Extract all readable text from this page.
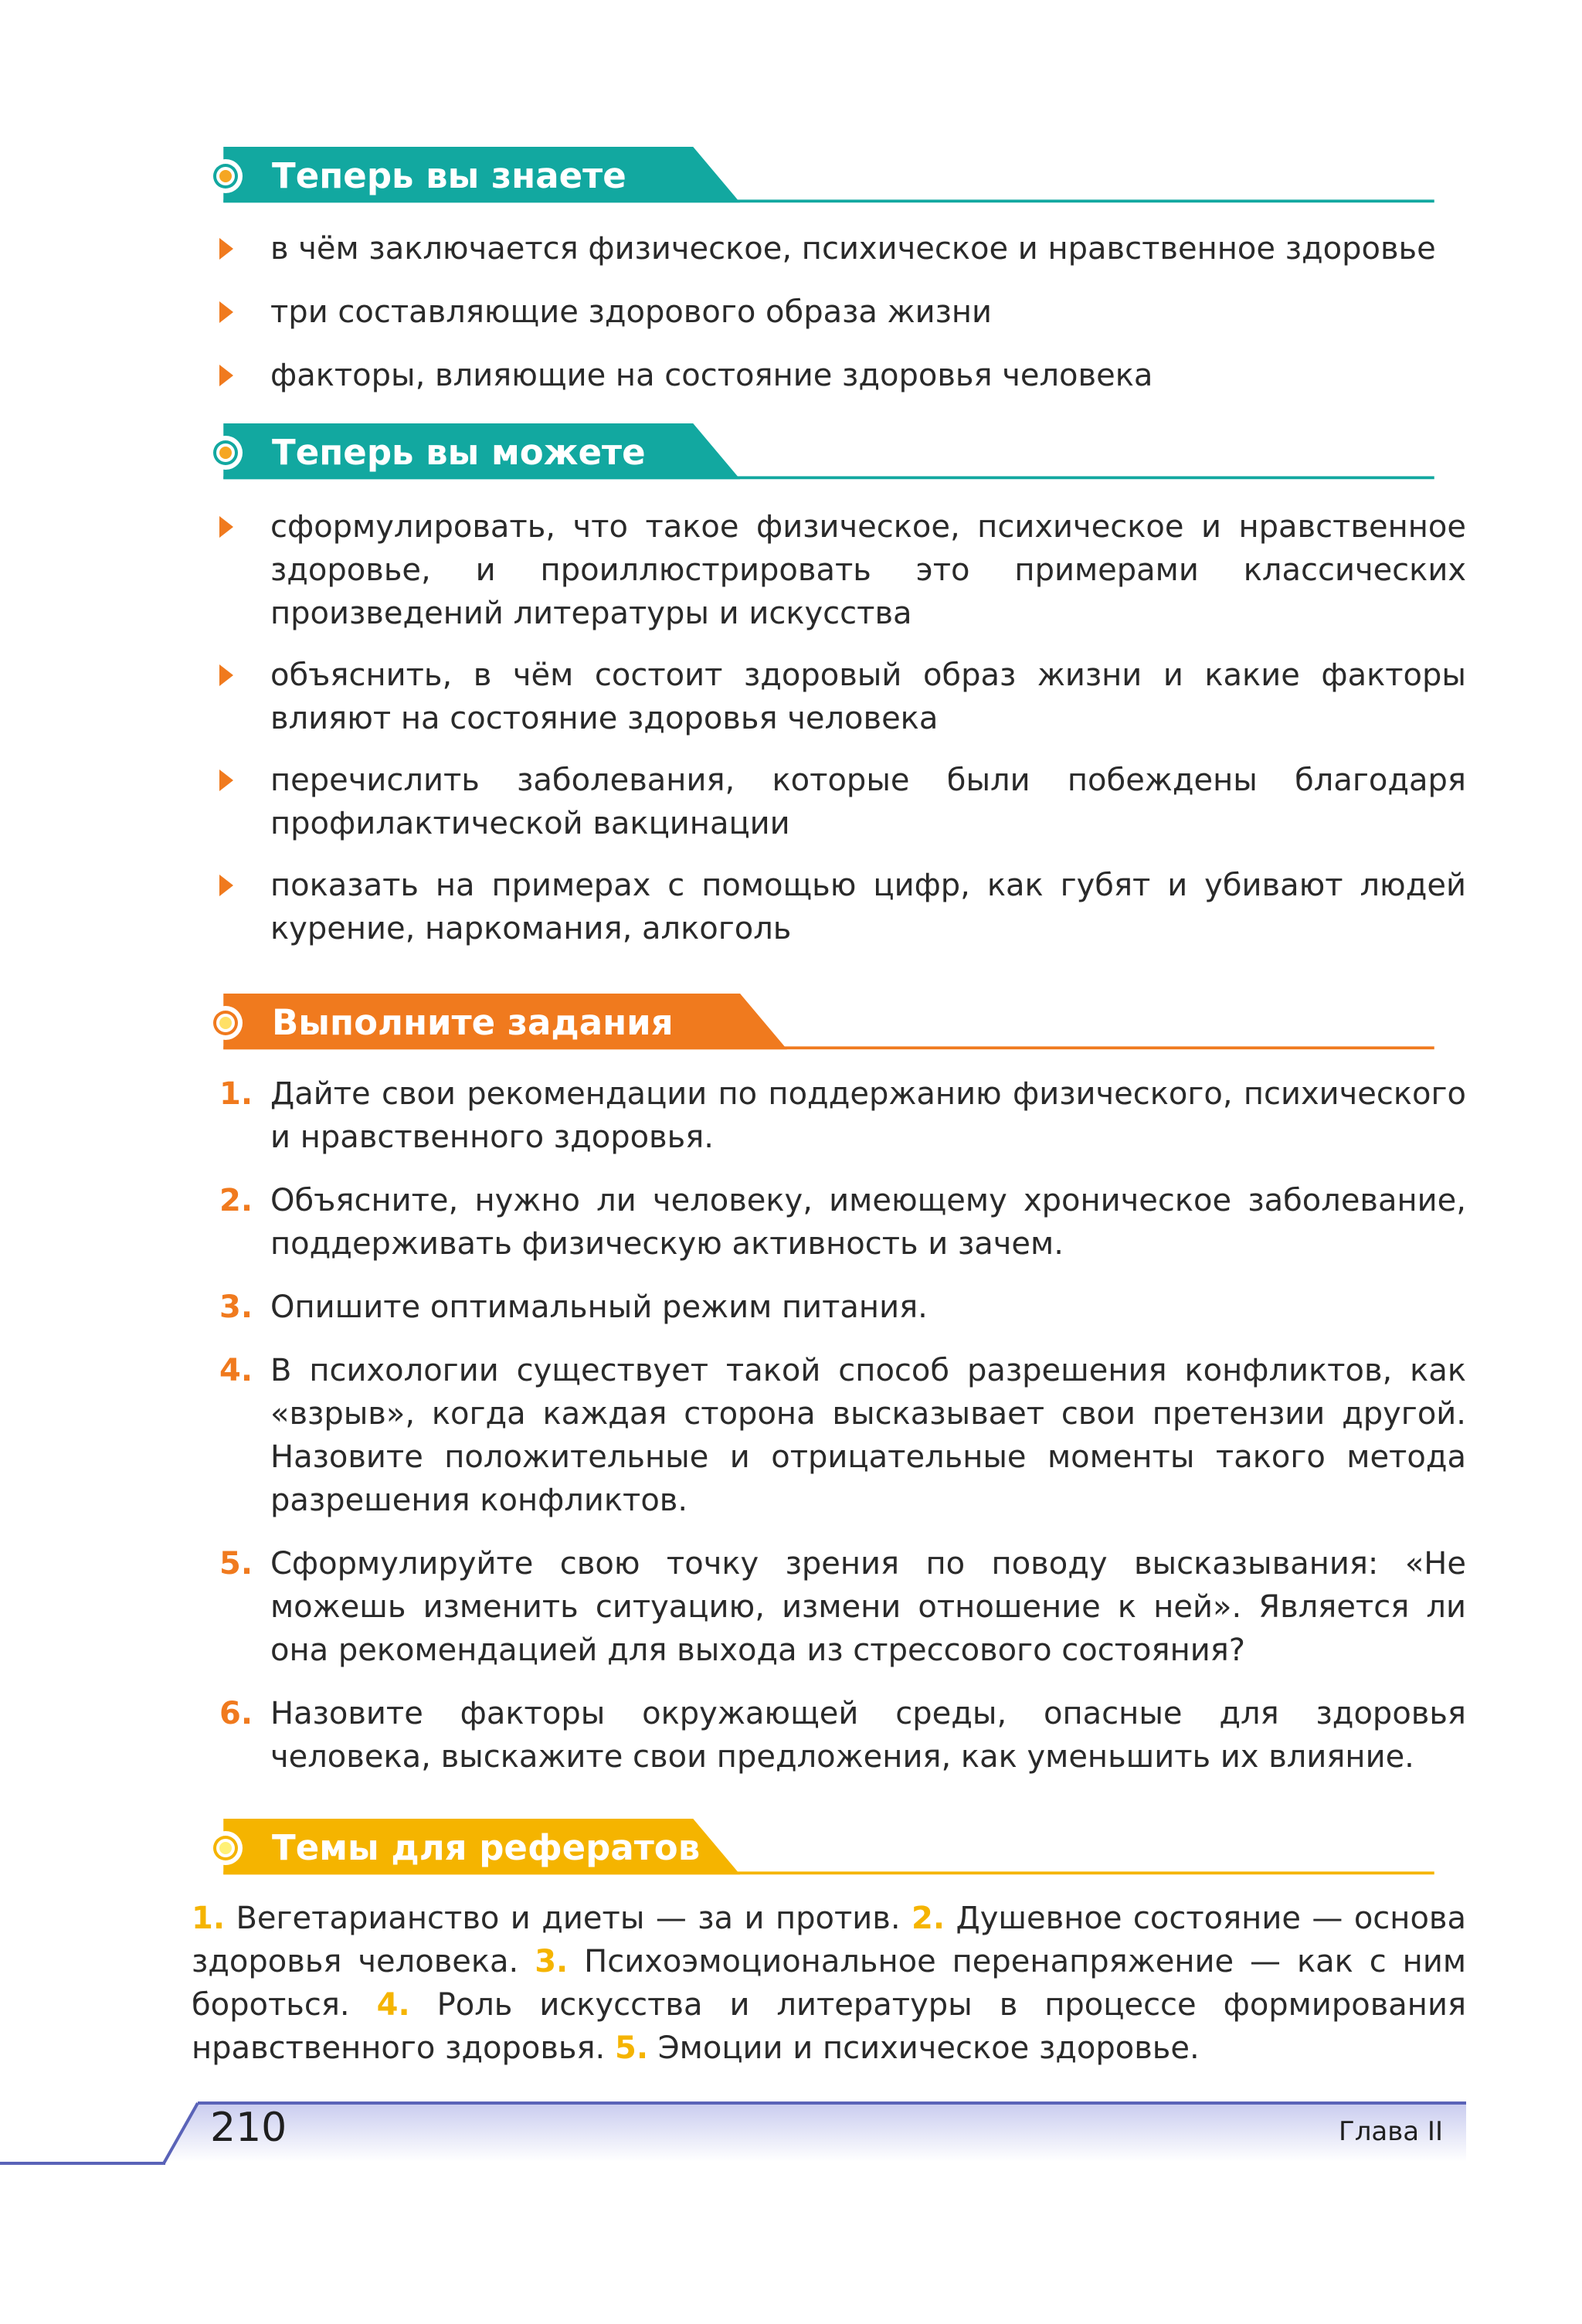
Теперь вы знаете
в чём заключается физическое, психическое и нравственное здоровье
три составляющие здорового образа жизни
факторы, влияющие на состояние здоровья человека
Теперь вы можете
сформулировать, что такое физическое, психическое и нравственное здоровье, и проиллюстрировать это примерами классических произведений литературы и искусства
объяснить, в чём состоит здоровый образ жизни и какие факторы влияют на состояние здоровья человека
перечислить заболевания, которые были побеждены благодаря профилактической вакцинации
показать на примерах с помощью цифр, как губят и убивают людей курение, наркомания, алкоголь
Выполните задания
1. Дайте свои рекомендации по поддержанию физического, психического и нравственного здоровья.
2. Объясните, нужно ли человеку, имеющему хроническое заболевание, поддерживать физическую активность и зачем.
3. Опишите оптимальный режим питания.
4. В психологии существует такой способ разрешения конфликтов, как «взрыв», когда каждая сторона высказывает свои претензии другой. Назовите положительные и отрицательные моменты такого метода разрешения конфликтов.
5. Сформулируйте свою точку зрения по поводу высказывания: «Не можешь изменить ситуацию, измени отношение к ней». Является ли она рекомендацией для выхода из стрессового состояния?
6. Назовите факторы окружающей среды, опасные для здоровья человека, выскажите свои предложения, как уменьшить их влияние.
Темы для рефератов

1. Вегетарианство и диеты — за и против. 2. Душевное состояние — основа здоровья человека. 3. Психоэмоциональное перенапряжение — как с ним бороться. 4. Роль искусства и литературы в процессе формирования нравственного здоровья. 5. Эмоции и психическое здоровье.

210	Глава II
